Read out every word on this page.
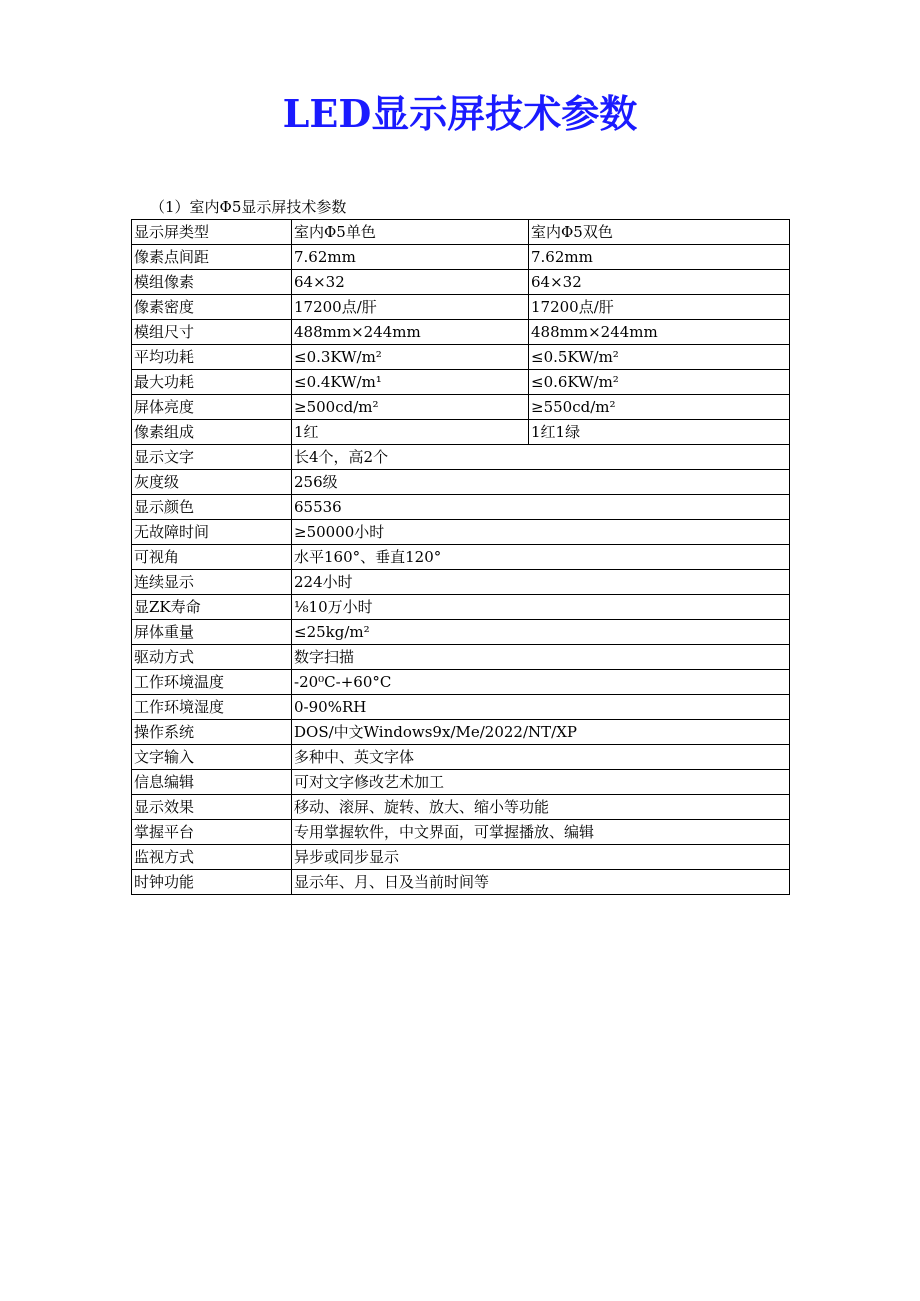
LED显示屏技术参数
（1）室内Φ5显示屏技术参数
显示屏类型	室内Φ5单色	室内Φ5双色
像素点间距	7.62mm	7.62mm
模组像素	64×32	64×32
像素密度	17200点/肝	17200点/肝
模组尺寸	488mm×244mm	488mm×244mm
平均功耗	≤0.3KW/m²	≤0.5KW/m²
最大功耗	≤0.4KW/m¹	≤0.6KW/m²
屏体亮度	≥500cd/m²	≥550cd/m²
像素组成	1红	1红1绿
显示文字	长4个，高2个	
灰度级	256级	
显示颜色	65536	
无故障时间	≥50000小时	
可视角	水平160°、垂直120°	
连续显示	224小时	
显ZK寿命	⅛10万小时	
屏体重量	≤25kg/m²	
驱动方式	数字扫描	
工作环境温度	-20⁰C-+60°C	
工作环境湿度	0-90%RH	
操作系统	DOS/中文Windows9x/Me/2022/NT/XP	
文字输入	多种中、英文字体	
信息编辑	可对文字修改艺术加工	
显示效果	移动、滚屏、旋转、放大、缩小等功能	
掌握平台	专用掌握软件，中文界面，可掌握播放、编辑	
监视方式	异步或同步显示	
时钟功能	显示年、月、日及当前时间等	
